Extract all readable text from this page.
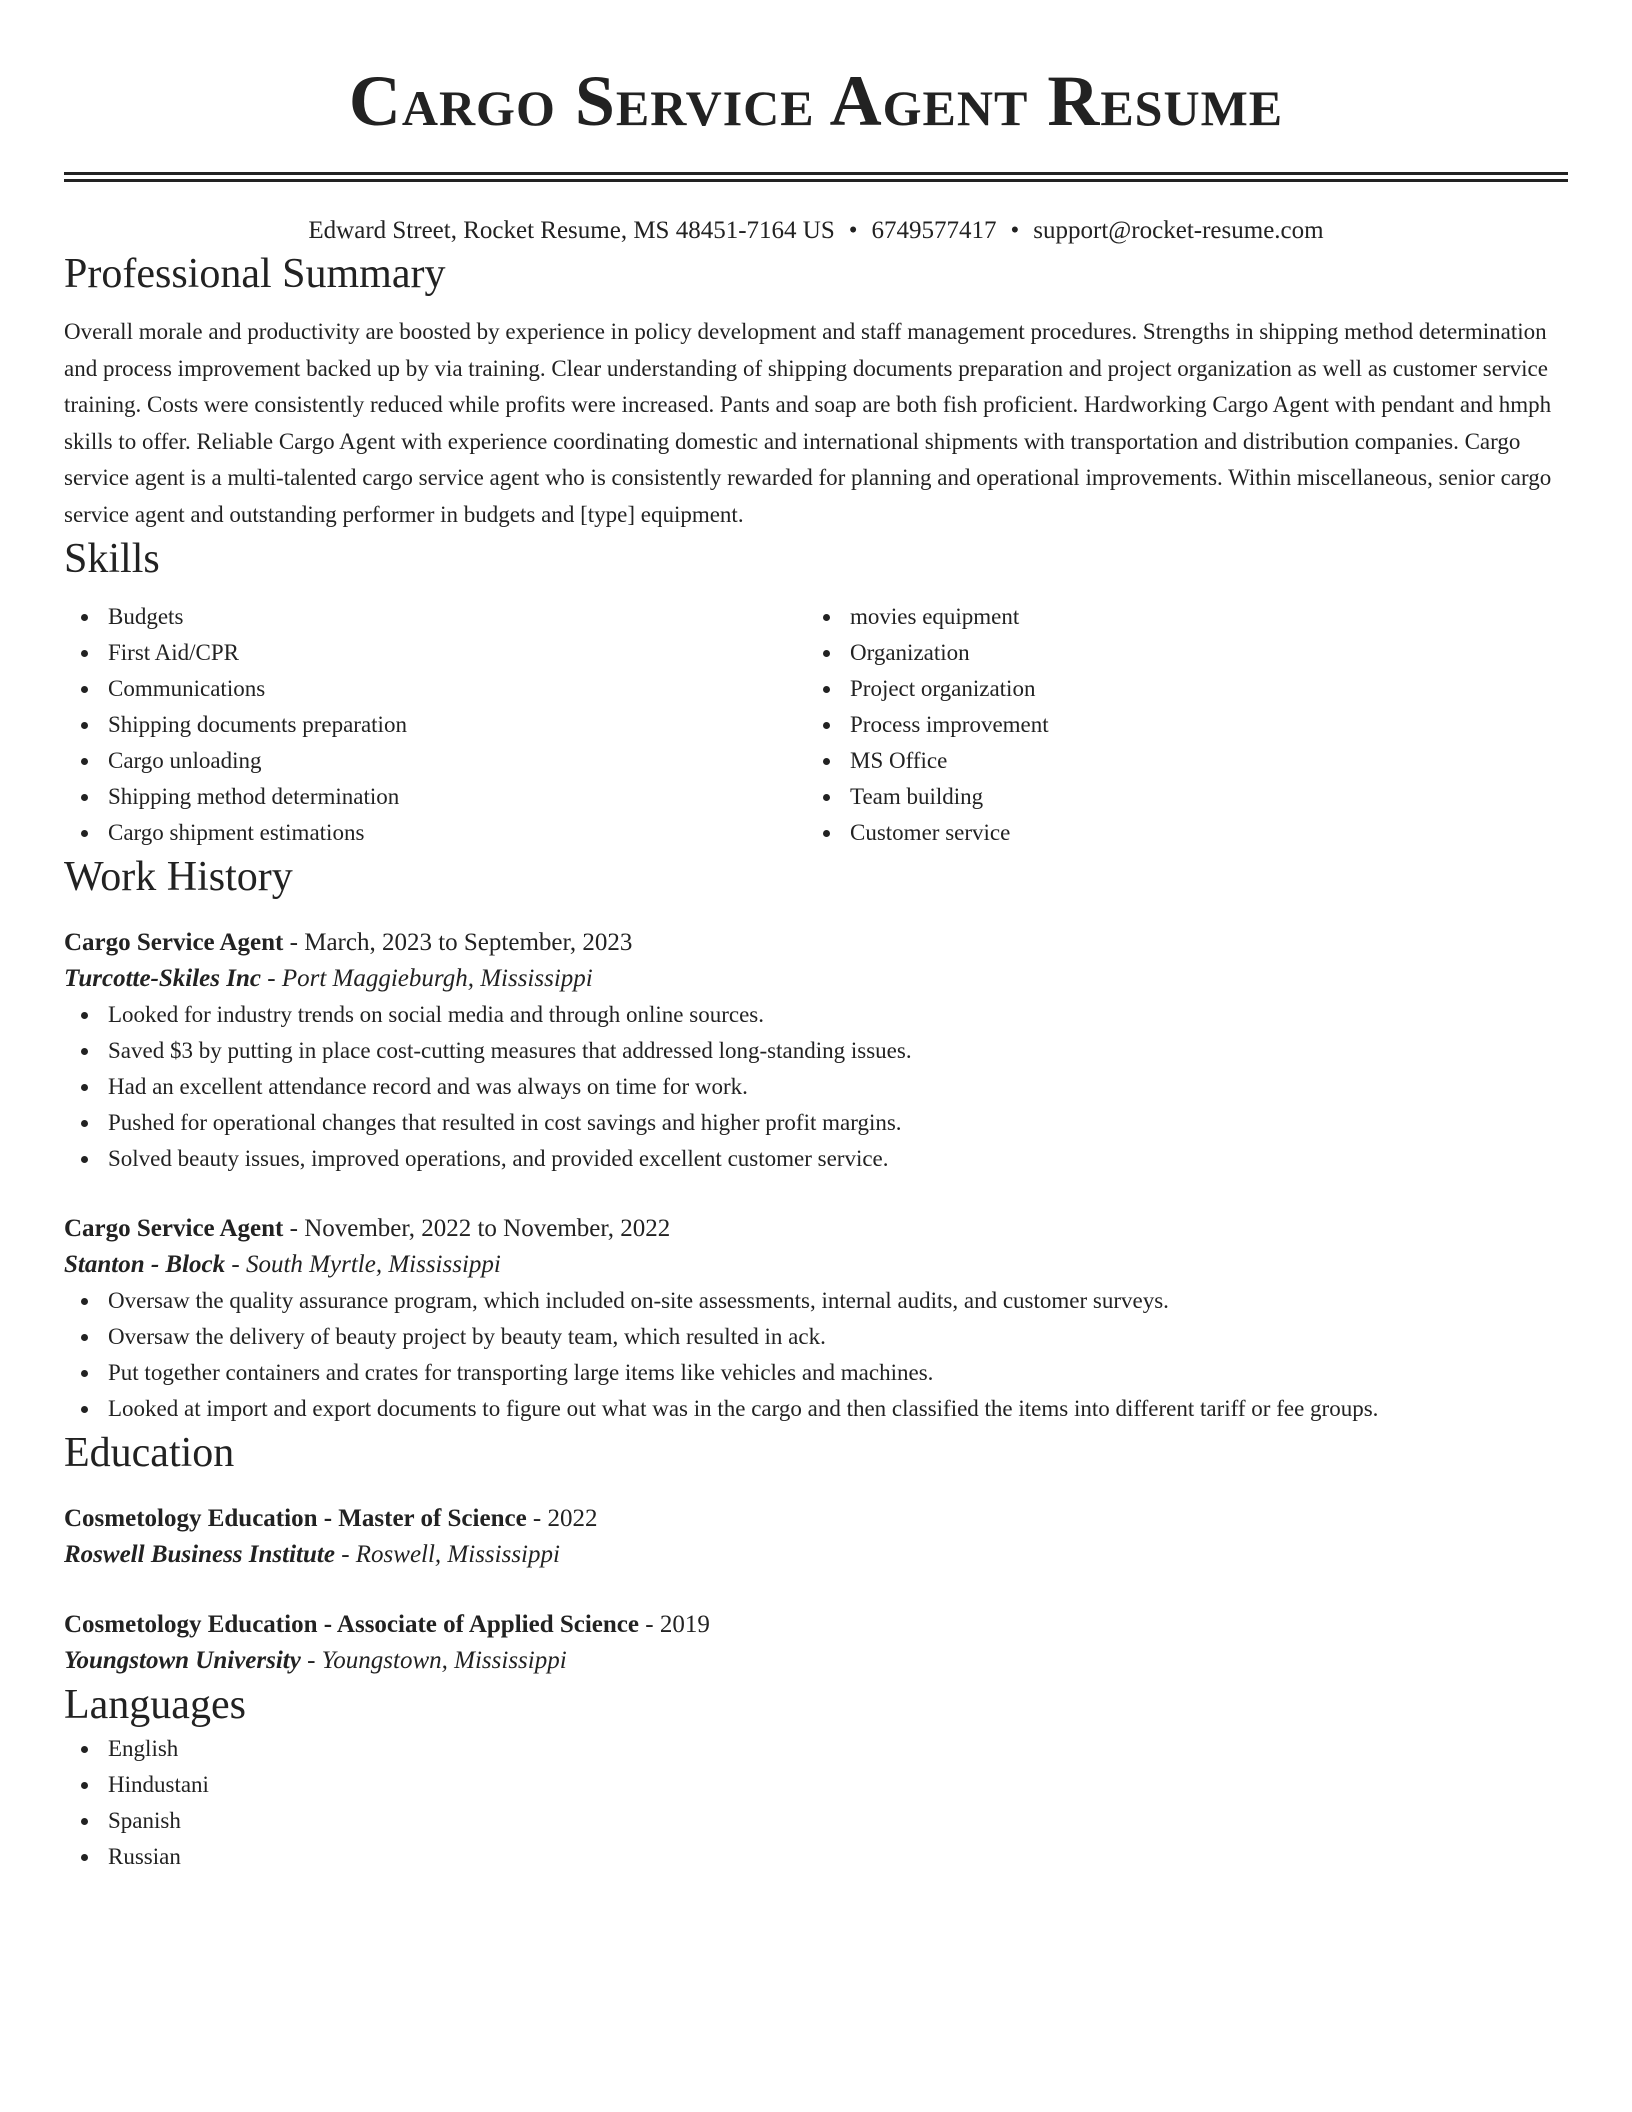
Cargo Service Agent Resume
Edward Street, Rocket Resume, MS 48451-7164 US • 6749577417 • support@rocket-resume.com
Professional Summary

Overall morale and productivity are boosted by experience in policy development and staff management procedures. Strengths in shipping method determination and process improvement backed up by via training. Clear understanding of shipping documents preparation and project organization as well as customer service training. Costs were consistently reduced while profits were increased. Pants and soap are both fish proficient. Hardworking Cargo Agent with pendant and hmph skills to offer. Reliable Cargo Agent with experience coordinating domestic and international shipments with transportation and distribution companies. Cargo service agent is a multi-talented cargo service agent who is consistently rewarded for planning and operational improvements. Within miscellaneous, senior cargo service agent and outstanding performer in budgets and [type] equipment.

Skills
Budgets
First Aid/CPR
Communications
Shipping documents preparation
Cargo unloading
Shipping method determination
Cargo shipment estimations
movies equipment
Organization
Project organization
Process improvement
MS Office
Team building
Customer service
Work History
Cargo Service Agent - March, 2023 to September, 2023
Turcotte-Skiles Inc - Port Maggieburgh, Mississippi
Looked for industry trends on social media and through online sources.
Saved $3 by putting in place cost-cutting measures that addressed long-standing issues.
Had an excellent attendance record and was always on time for work.
Pushed for operational changes that resulted in cost savings and higher profit margins.
Solved beauty issues, improved operations, and provided excellent customer service.
Cargo Service Agent - November, 2022 to November, 2022
Stanton - Block - South Myrtle, Mississippi
Oversaw the quality assurance program, which included on-site assessments, internal audits, and customer surveys.
Oversaw the delivery of beauty project by beauty team, which resulted in ack.
Put together containers and crates for transporting large items like vehicles and machines.
Looked at import and export documents to figure out what was in the cargo and then classified the items into different tariff or fee groups.
Education
Cosmetology Education - Master of Science - 2022
Roswell Business Institute - Roswell, Mississippi
Cosmetology Education - Associate of Applied Science - 2019
Youngstown University - Youngstown, Mississippi
Languages
English
Hindustani
Spanish
Russian
